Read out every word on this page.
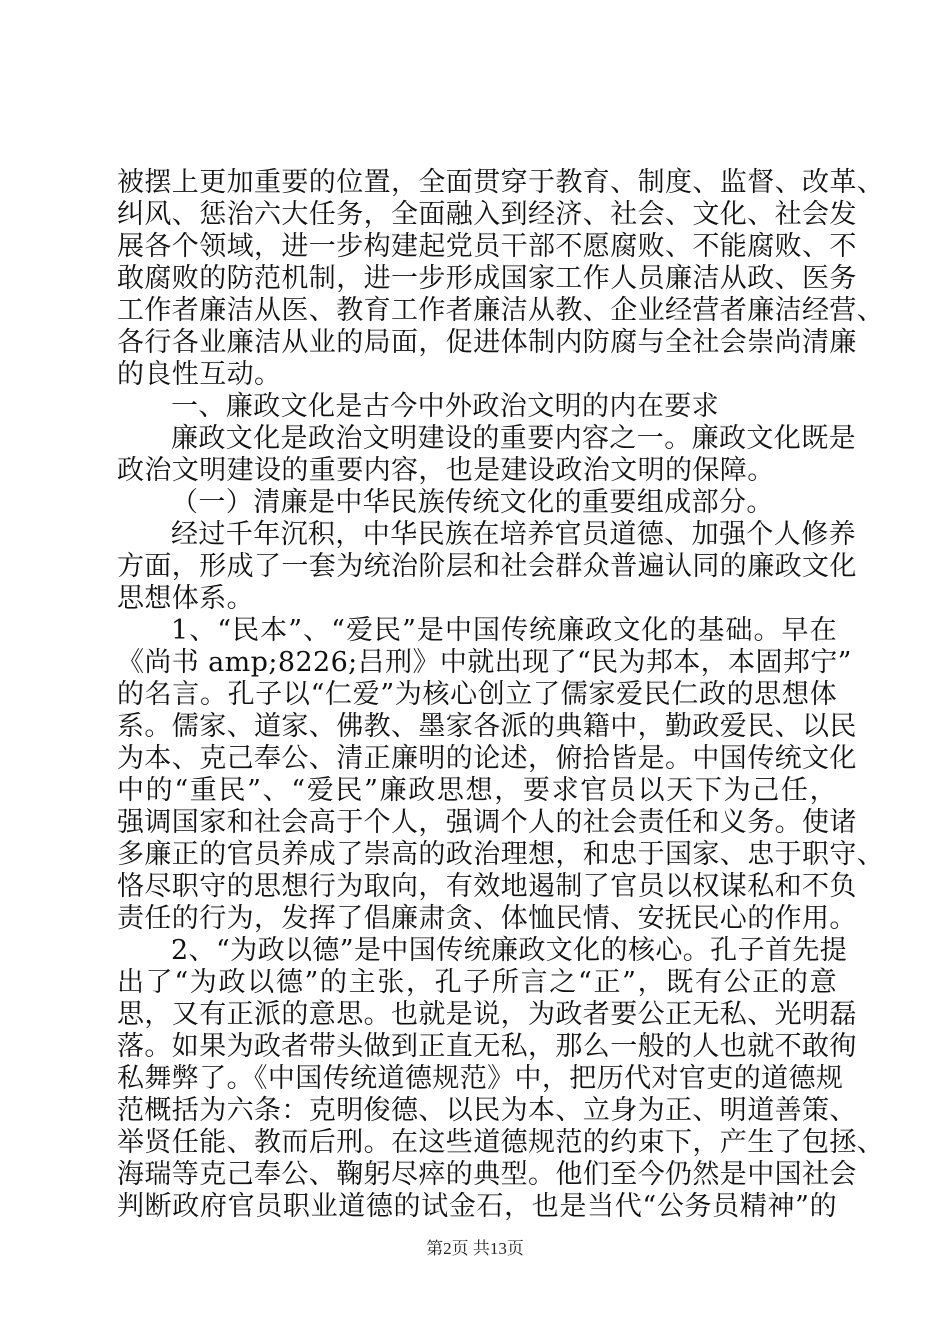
被摆上更加重要的位置，全面贯穿于教育、制度、监督、改革、
纠风、惩治六大任务，全面融入到经济、社会、文化、社会发
展各个领域，进一步构建起党员干部不愿腐败、不能腐败、不
敢腐败的防范机制，进一步形成国家工作人员廉洁从政、医务
工作者廉洁从医、教育工作者廉洁从教、企业经营者廉洁经营、
各行各业廉洁从业的局面，促进体制内防腐与全社会崇尚清廉
的良性互动。
一、廉政文化是古今中外政治文明的内在要求
廉政文化是政治文明建设的重要内容之一。廉政文化既是
政治文明建设的重要内容，也是建设政治文明的保障。
（一）清廉是中华民族传统文化的重要组成部分。
经过千年沉积，中华民族在培养官员道德、加强个人修养
方面，形成了一套为统治阶层和社会群众普遍认同的廉政文化
思想体系。
1、“民本”、“爱民”是中国传统廉政文化的基础。早在
《尚书 amp;8226;吕刑》中就出现了“民为邦本，本固邦宁”
的名言。孔子以“仁爱”为核心创立了儒家爱民仁政的思想体
系。儒家、道家、佛教、墨家各派的典籍中，勤政爱民、以民
为本、克己奉公、清正廉明的论述，俯拾皆是。中国传统文化
中的“重民”、“爱民”廉政思想，要求官员以天下为己任，
强调国家和社会高于个人，强调个人的社会责任和义务。使诸
多廉正的官员养成了崇高的政治理想，和忠于国家、忠于职守、
恪尽职守的思想行为取向，有效地遏制了官员以权谋私和不负
责任的行为，发挥了倡廉肃贪、体恤民情、安抚民心的作用。
2、“为政以德”是中国传统廉政文化的核心。孔子首先提
出了“为政以德”的主张，孔子所言之“正”，既有公正的意
思，又有正派的意思。也就是说，为政者要公正无私、光明磊
落。如果为政者带头做到正直无私，那么一般的人也就不敢徇
私舞弊了。《中国传统道德规范》中，把历代对官吏的道德规
范概括为六条：克明俊德、以民为本、立身为正、明道善策、
举贤任能、教而后刑。在这些道德规范的约束下，产生了包拯、
海瑞等克己奉公、鞠躬尽瘁的典型。他们至今仍然是中国社会
判断政府官员职业道德的试金石，也是当代“公务员精神”的
第2页 共13页
